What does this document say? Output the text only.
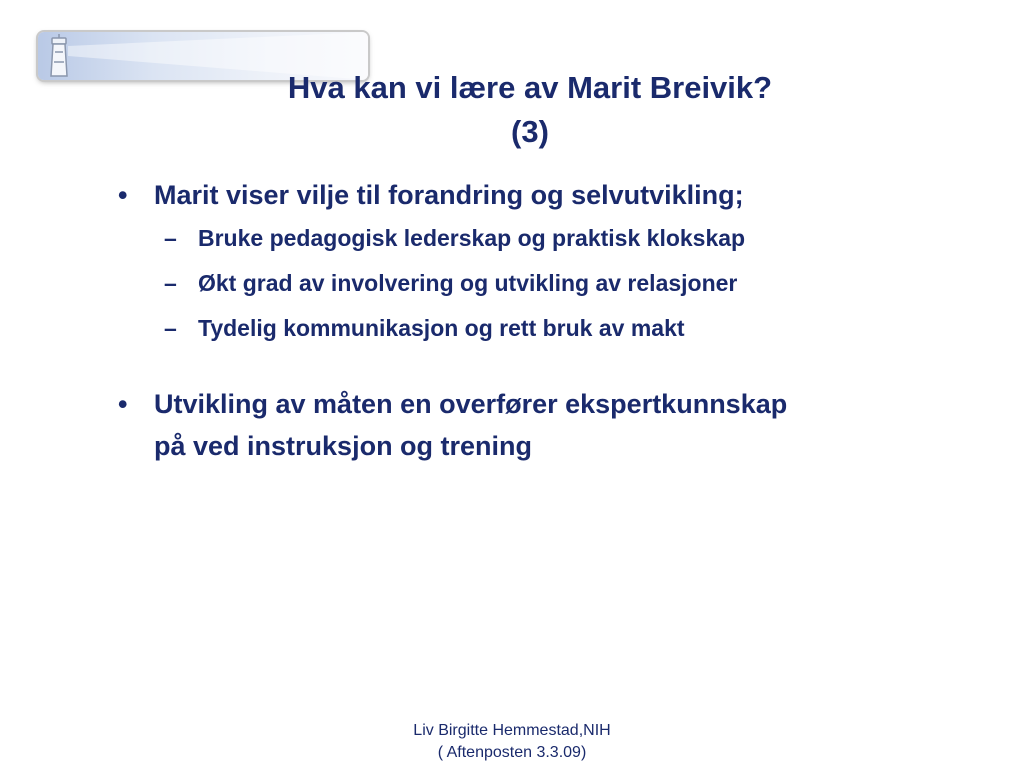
Hva kan vi lære av Marit Breivik?
(3)
• Marit viser vilje til forandring og selvutvikling;
– Bruke pedagogisk lederskap og praktisk klokskap
– Økt grad av involvering og utvikling av relasjoner
– Tydelig kommunikasjon og rett bruk av makt
• Utvikling av måten en overfører ekspertkunnskap
på ved instruksjon og trening
Liv Birgitte Hemmestad,NIH
( Aftenposten 3.3.09)
